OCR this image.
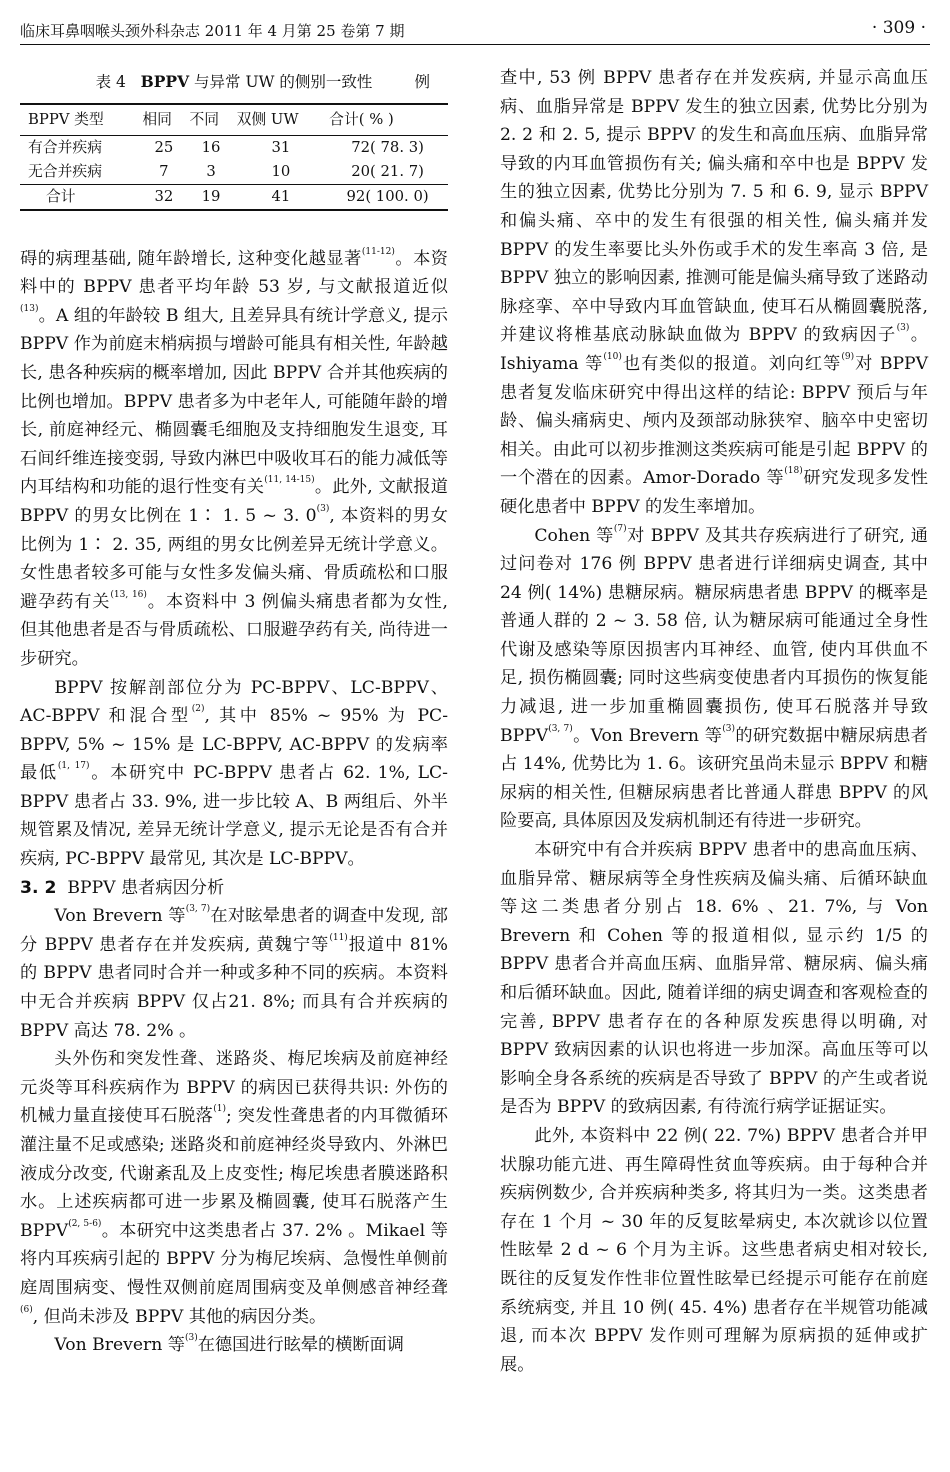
临床耳鼻咽喉头颈外科杂志 2011 年 4 月第 25 卷第 7 期	· 309 ·
表 4 BPPV 与异常 UW 的侧别一致性	例
BPPV 类型	相同	不同	双侧 UW	合计( % )
有合并疾病	25	16	31	72( 78. 3)
无合并疾病	7	3	10	20( 21. 7)
合计	32	19	41	92( 100. 0)

碍的病理基础, 随年龄增长, 这种变化越显著$^{(11-12)}$。本资料中的 BPPV 患者平均年龄 53 岁, 与文献报道近似$^{(13)}$。A 组的年龄较 B 组大, 且差异具有统计学意义, 提示 BPPV 作为前庭末梢病损与增龄可能具有相关性, 年龄越长, 患各种疾病的概率增加, 因此 BPPV 合并其他疾病的比例也增加。BPPV 患者多为中老年人, 可能随年龄的增长, 前庭神经元、椭圆囊毛细胞及支持细胞发生退变, 耳石间纤维连接变弱, 导致内淋巴中吸收耳石的能力减低等内耳结构和功能的退行性变有关$^{(11, 14-15)}$。此外, 文献报道 BPPV 的男女比例在 1∶ 1. 5 ~ 3. 0$^{(3)}$, 本资料的男女比例为 1∶ 2. 35, 两组的男女比例差异无统计学意义。女性患者较多可能与女性多发偏头痛、骨质疏松和口服避孕药有关$^{(13, 16)}$。本资料中 3 例偏头痛患者都为女性, 但其他患者是否与骨质疏松、口服避孕药有关, 尚待进一步研究。

BPPV 按解剖部位分为 PC-BPPV、LC-BPPV、AC-BPPV 和混合型$^{(2)}$, 其中 85% ~ 95% 为 PC-BPPV, 5% ~ 15% 是 LC-BPPV, AC-BPPV 的发病率最低$^{(1, 17)}$。本研究中 PC-BPPV 患者占 62. 1%, LC-BPPV 患者占 33. 9%, 进一步比较 A、B 两组后、外半规管累及情况, 差异无统计学意义, 提示无论是否有合并疾病, PC-BPPV 最常见, 其次是 LC-BPPV。

3. 2 BPPV 患者病因分析

Von Brevern 等$^{(3, 7)}$在对眩晕患者的调查中发现, 部分 BPPV 患者存在并发疾病, 黄魏宁等$^{(11)}$报道中 81% 的 BPPV 患者同时合并一种或多种不同的疾病。本资料中无合并疾病 BPPV 仅占21. 8%; 而具有合并疾病的 BPPV 高达 78. 2% 。

头外伤和突发性聋、迷路炎、梅尼埃病及前庭神经元炎等耳科疾病作为 BPPV 的病因已获得共识: 外伤的机械力量直接使耳石脱落$^{(1)}$; 突发性聋患者的内耳微循环灌注量不足或感染; 迷路炎和前庭神经炎导致内、外淋巴液成分改变, 代谢紊乱及上皮变性; 梅尼埃患者膜迷路积水。上述疾病都可进一步累及椭圆囊, 使耳石脱落产生 BPPV$^{(2, 5-6)}$。本研究中这类患者占 37. 2% 。Mikael 等将内耳疾病引起的 BPPV 分为梅尼埃病、急慢性单侧前庭周围病变、慢性双侧前庭周围病变及单侧感音神经聋$^{(6)}$, 但尚未涉及 BPPV 其他的病因分类。

Von Brevern 等$^{(3)}$在德国进行眩晕的横断面调

查中, 53 例 BPPV 患者存在并发疾病, 并显示高血压病、血脂异常是 BPPV 发生的独立因素, 优势比分别为 2. 2 和 2. 5, 提示 BPPV 的发生和高血压病、血脂异常导致的内耳血管损伤有关; 偏头痛和卒中也是 BPPV 发生的独立因素, 优势比分别为 7. 5 和 6. 9, 显示 BPPV 和偏头痛、卒中的发生有很强的相关性, 偏头痛并发 BPPV 的发生率要比头外伤或手术的发生率高 3 倍, 是 BPPV 独立的影响因素, 推测可能是偏头痛导致了迷路动脉痉挛、卒中导致内耳血管缺血, 使耳石从椭圆囊脱落, 并建议将椎基底动脉缺血做为 BPPV 的致病因子$^{(3)}$。Ishiyama 等$^{(10)}$也有类似的报道。刘向红等$^{(9)}$对 BPPV 患者复发临床研究中得出这样的结论: BPPV 预后与年龄、偏头痛病史、颅内及颈部动脉狭窄、脑卒中史密切相关。由此可以初步推测这类疾病可能是引起 BPPV 的一个潜在的因素。Amor-Dorado 等$^{(18)}$研究发现多发性硬化患者中 BPPV 的发生率增加。

Cohen 等$^{(7)}$对 BPPV 及其共存疾病进行了研究, 通过问卷对 176 例 BPPV 患者进行详细病史调查, 其中 24 例( 14%) 患糖尿病。糖尿病患者患 BPPV 的概率是普通人群的 2 ~ 3. 58 倍, 认为糖尿病可能通过全身性代谢及感染等原因损害内耳神经、血管, 使内耳供血不足, 损伤椭圆囊; 同时这些病变使患者内耳损伤的恢复能力减退, 进一步加重椭圆囊损伤, 使耳石脱落并导致 BPPV$^{(3, 7)}$。Von Brevern 等$^{(3)}$的研究数据中糖尿病患者占 14%, 优势比为 1. 6。该研究虽尚未显示 BPPV 和糖尿病的相关性, 但糖尿病患者比普通人群患 BPPV 的风险要高, 具体原因及发病机制还有待进一步研究。

本研究中有合并疾病 BPPV 患者中的患高血压病、血脂异常、糖尿病等全身性疾病及偏头痛、后循环缺血等这二类患者分别占 18. 6% 、21. 7%, 与 Von Brevern 和 Cohen 等的报道相似, 显示约 1/5 的 BPPV 患者合并高血压病、血脂异常、糖尿病、偏头痛和后循环缺血。因此, 随着详细的病史调查和客观检查的完善, BPPV 患者存在的各种原发疾患得以明确, 对 BPPV 致病因素的认识也将进一步加深。高血压等可以影响全身各系统的疾病是否导致了 BPPV 的产生或者说是否为 BPPV 的致病因素, 有待流行病学证据证实。

此外, 本资料中 22 例( 22. 7%) BPPV 患者合并甲状腺功能亢进、再生障碍性贫血等疾病。由于每种合并疾病例数少, 合并疾病种类多, 将其归为一类。这类患者存在 1 个月 ~ 30 年的反复眩晕病史, 本次就诊以位置性眩晕 2 d ~ 6 个月为主诉。这些患者病史相对较长, 既往的反复发作性非位置性眩晕已经提示可能存在前庭系统病变, 并且 10 例( 45. 4%) 患者存在半规管功能减退, 而本次 BPPV 发作则可理解为原病损的延伸或扩展。
